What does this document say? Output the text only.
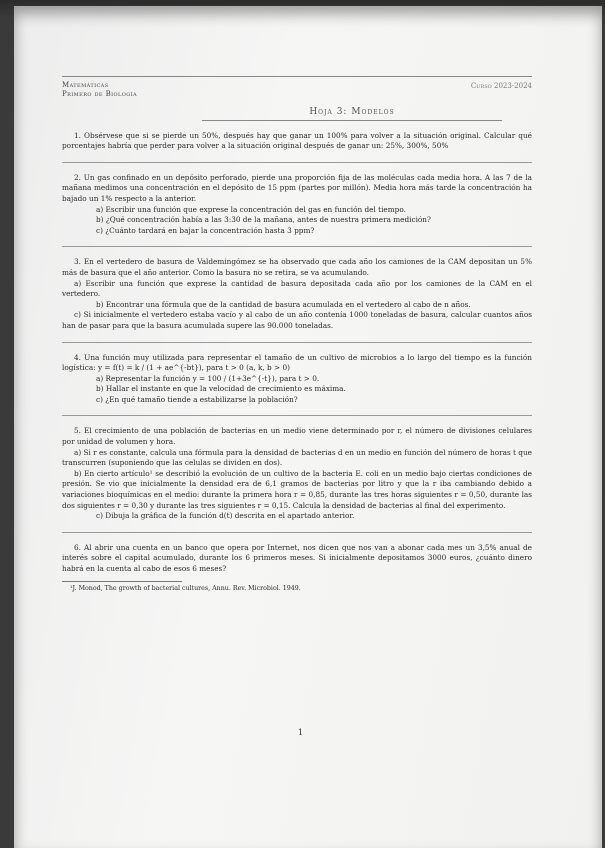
Matemáticas
Primero de Biología
Curso 2023-2024
Hoja 3: Modelos

1. Obsérvese que si se pierde un 50%, después hay que ganar un 100% para volver a la situación original. Calcular qué porcentajes habría que perder para volver a la situación original después de ganar un: 25%, 300%, 50%

2. Un gas confinado en un depósito perforado, pierde una proporción fija de las moléculas cada media hora. A las 7 de la mañana medimos una concentración en el depósito de 15 ppm (partes por millón). Media hora más tarde la concentración ha bajado un 1% respecto a la anterior.

a) Escribir una función que exprese la concentración del gas en función del tiempo.

b) ¿Qué concentración había a las 3:30 de la mañana, antes de nuestra primera medición?

c) ¿Cuánto tardará en bajar la concentración hasta 3 ppm?

3. En el vertedero de basura de Valdemingómez se ha observado que cada año los camiones de la CAM depositan un 5% más de basura que el año anterior. Como la basura no se retira, se va acumulando.

a) Escribir una función que exprese la cantidad de basura depositada cada año por los camiones de la CAM en el vertedero.

b) Encontrar una fórmula que de la cantidad de basura acumulada en el vertedero al cabo de n años.

c) Si inicialmente el vertedero estaba vacío y al cabo de un año contenía 1000 toneladas de basura, calcular cuantos años han de pasar para que la basura acumulada supere las 90.000 toneladas.

4. Una función muy utilizada para representar el tamaño de un cultivo de microbios a lo largo del tiempo es la función logística: y = f(t) = k / (1 + ae^{-bt}), para t > 0 (a, k, b > 0)

a) Representar la función y = 100 / (1+3e^{-t}), para t > 0.

b) Hallar el instante en que la velocidad de crecimiento es máxima.

c) ¿En qué tamaño tiende a estabilizarse la población?

5. El crecimiento de una población de bacterias en un medio viene determinado por r, el número de divisiones celulares por unidad de volumen y hora.

a) Si r es constante, calcula una fórmula para la densidad de bacterias d en un medio en función del número de horas t que transcurren (suponiendo que las celulas se dividen en dos).

b) En cierto artículo¹ se describió la evolución de un cultivo de la bacteria E. coli en un medio bajo ciertas condiciones de presión. Se vio que inicialmente la densidad era de 6,1 gramos de bacterias por litro y que la r iba cambiando debido a variaciones bioquímicas en el medio: durante la primera hora r = 0,85, durante las tres horas siguientes r = 0,50, durante las dos siguientes r = 0,30 y durante las tres siguientes r = 0,15. Calcula la densidad de bacterias al final del experimento.

c) Dibuja la gráfica de la función d(t) descrita en el apartado anterior.

6. Al abrir una cuenta en un banco que opera por Internet, nos dicen que nos van a abonar cada mes un 3,5% anual de interés sobre el capital acumulado, durante los 6 primeros meses. Si inicialmente depositamos 3000 euros, ¿cuánto dinero habrá en la cuenta al cabo de esos 6 meses?

¹J. Monod, The growth of bacterial cultures, Annu. Rev. Microbiol. 1949.
1
